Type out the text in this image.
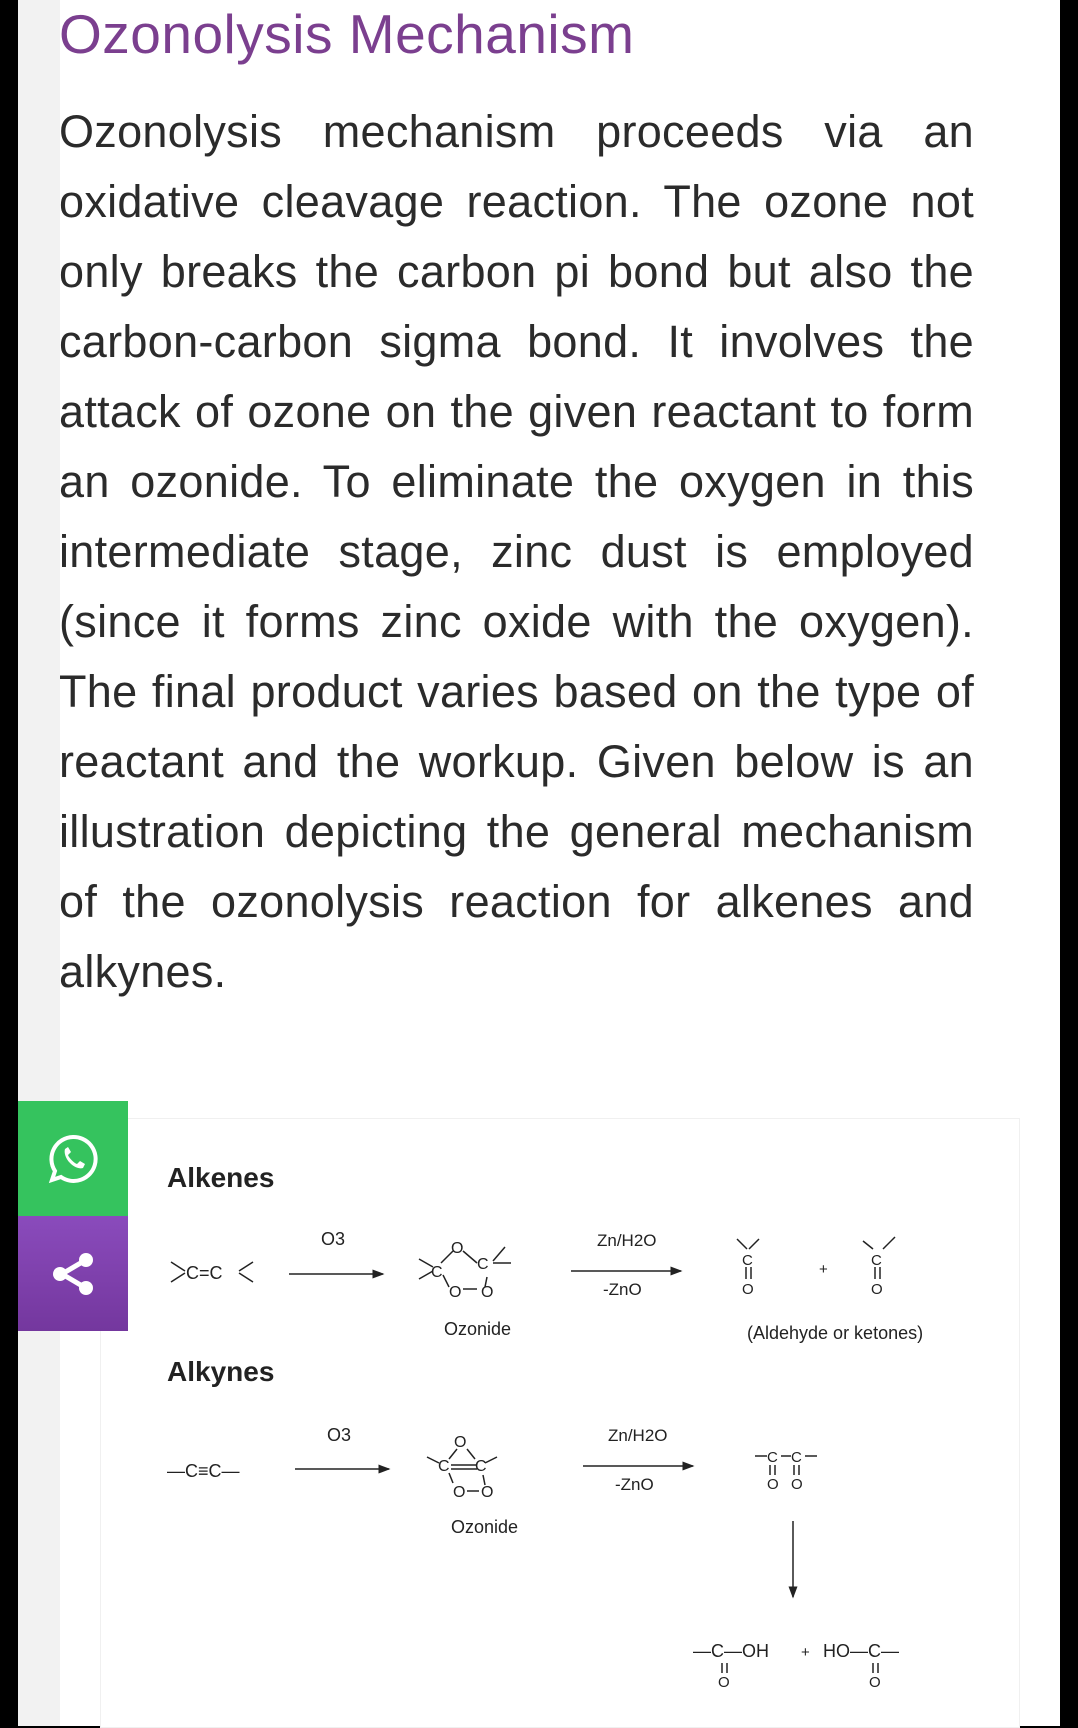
Ozonolysis Mechanism

Ozonolysis mechanism proceeds via an oxidative cleavage reaction. The ozone not only breaks the carbon pi bond but also the carbon-carbon sigma bond. It involves the attack of ozone on the given reactant to form an ozonide. To eliminate the oxygen in this intermediate stage, zinc dust is employed (since it forms zinc oxide with the oxygen). The final product varies based on the type of reactant and the workup. Given below is an illustration depicting the general mechanism of the ozonolysis reaction for alkenes and alkynes.

Alkenes
C=C
O3
C
O
C
O O
Ozonide
Zn/H2O
-ZnO
C
O
+
C
O
(Aldehyde or ketones)
Alkynes
—C≡C—
O3
C
O
C
O O
Ozonide
Zn/H2O
-ZnO
C C
O O
—C—OH
O
+ HO—C—
O
